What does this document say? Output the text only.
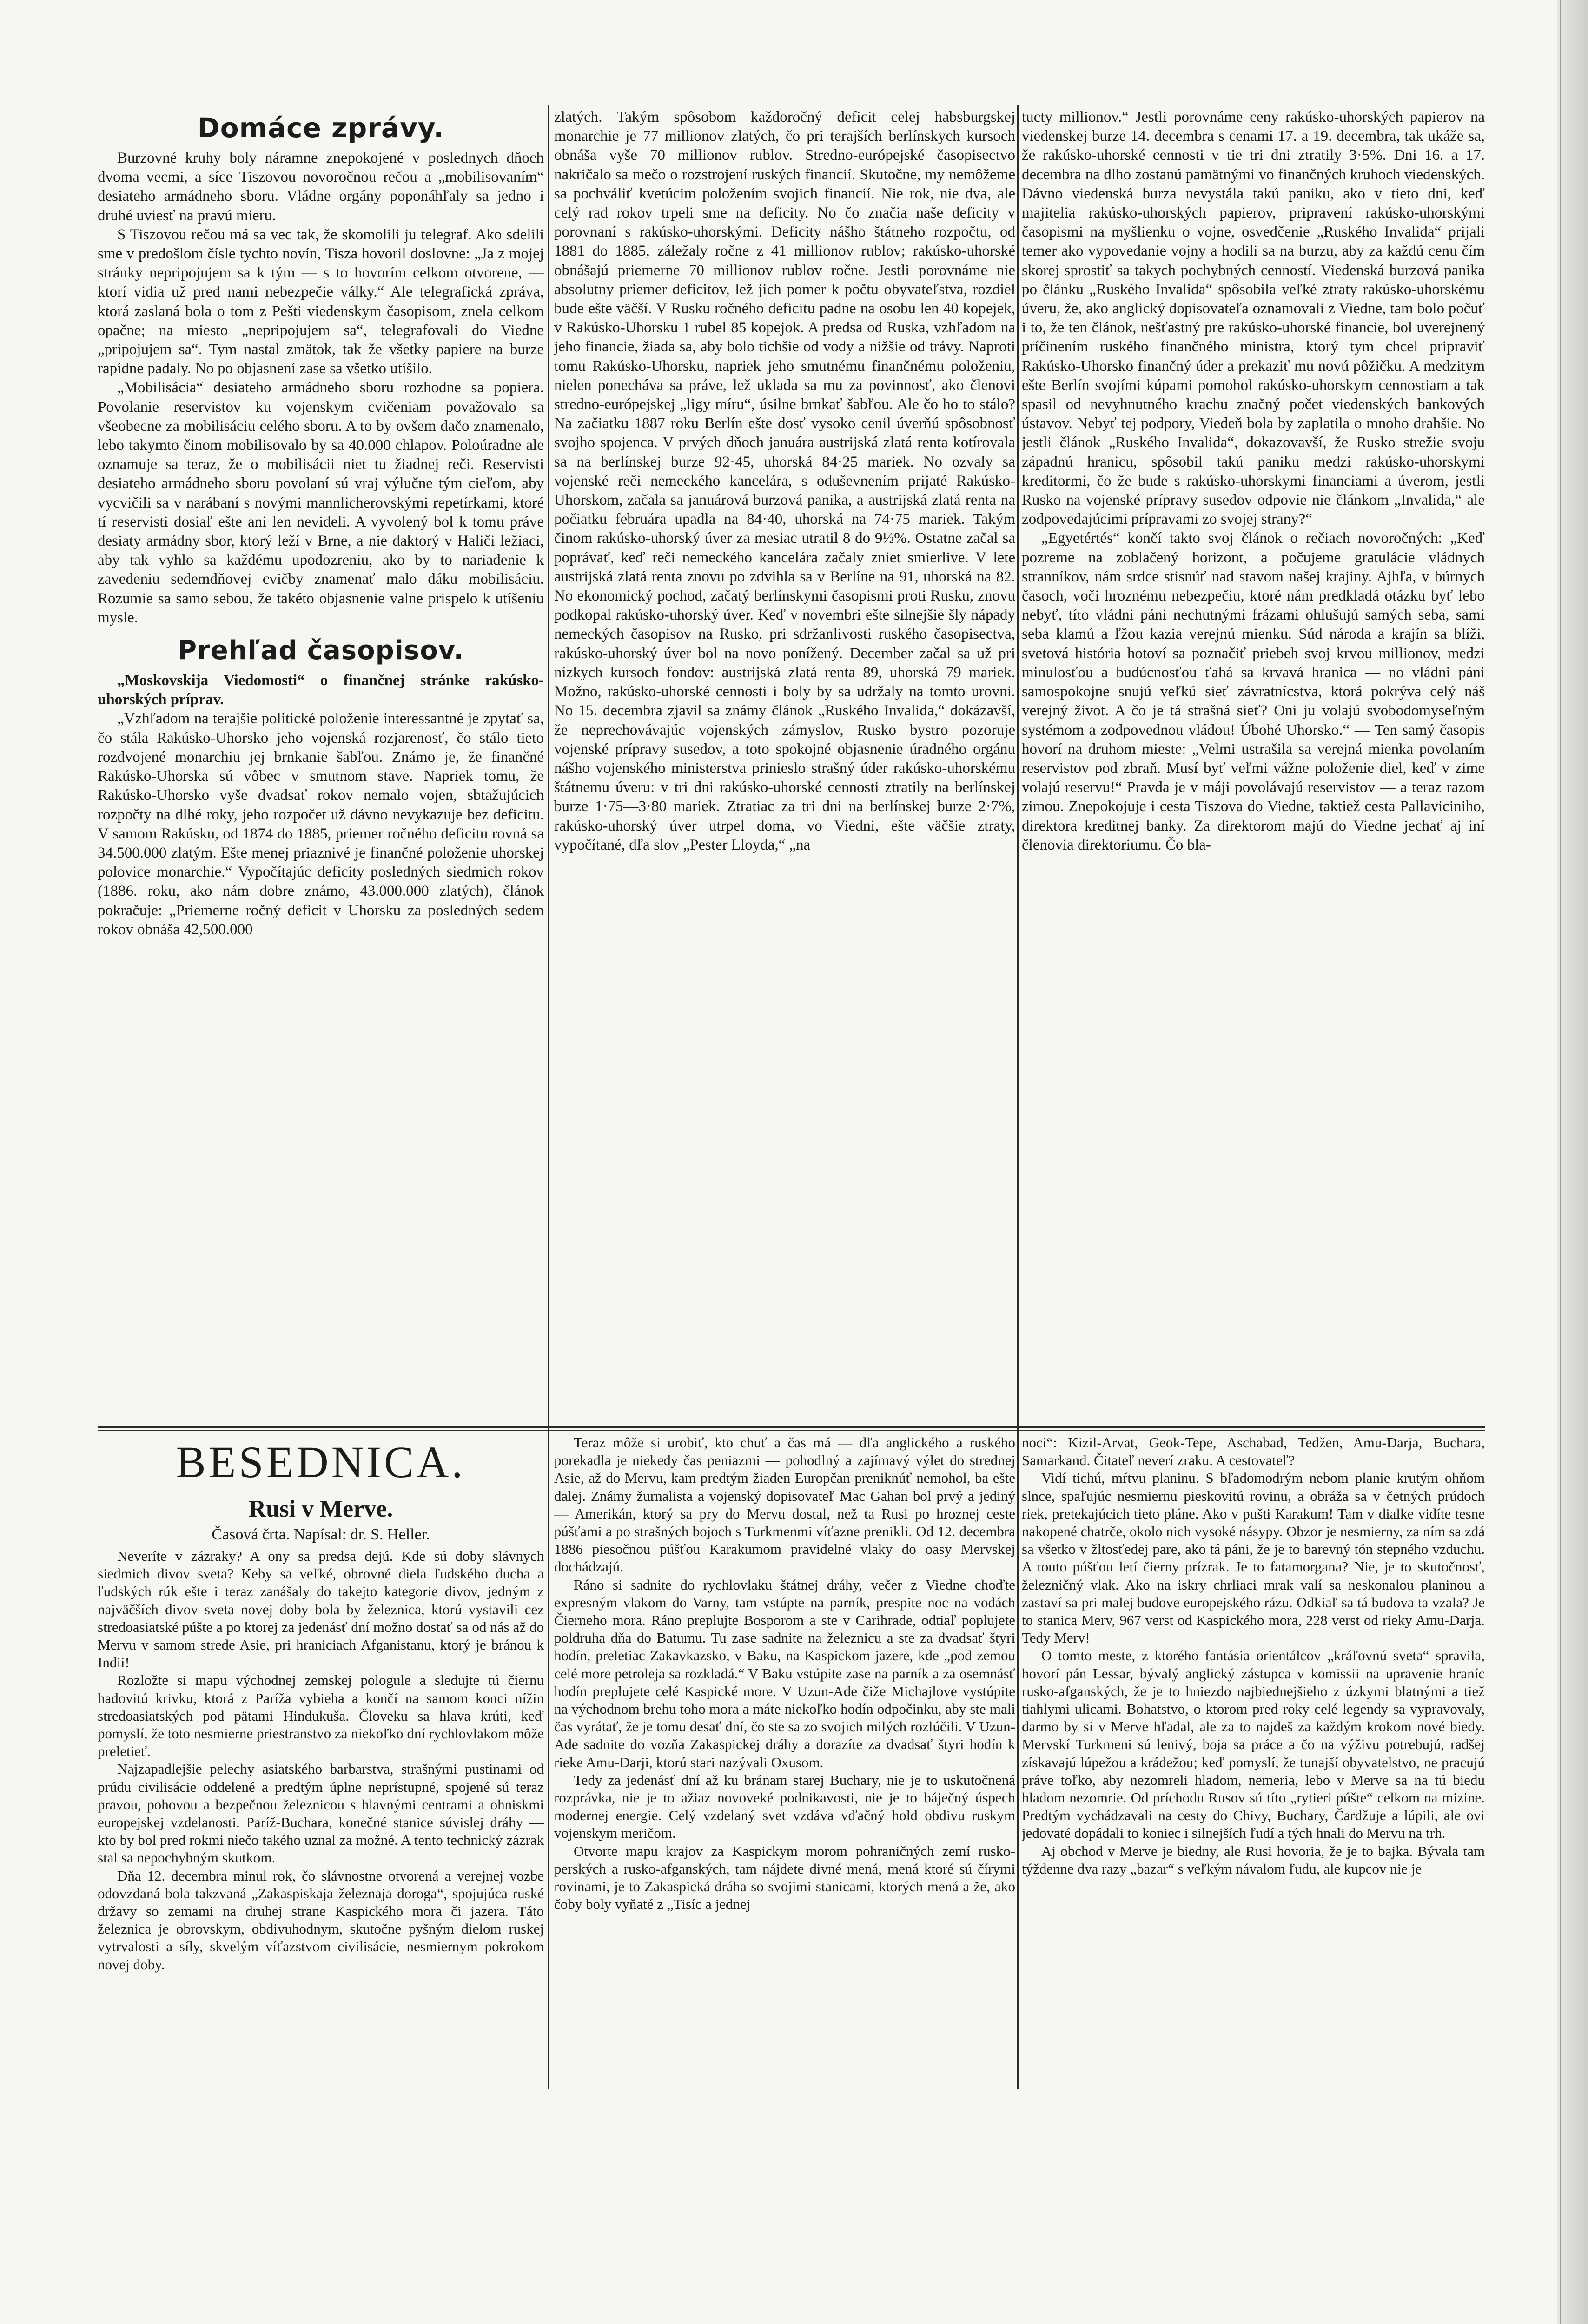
Domáce zprávy.

Burzovné kruhy boly náramne znepokojené v poslednych dňoch dvoma vecmi, a síce Tiszovou novoročnou rečou a „mobilisovaním“ desiateho armádneho sboru. Vládne orgány poponáhľaly sa jedno i druhé uviesť na pravú mieru.

S Tiszovou rečou má sa vec tak, že skomolili ju telegraf. Ako sdelili sme v predošlom čísle tychto novín, Tisza hovoril doslovne: „Ja z mojej stránky nepripojujem sa k tým — s to hovorím celkom otvorene, — ktorí vidia už pred nami nebezpečie války.“ Ale telegrafická zpráva, ktorá zaslaná bola o tom z Pešti viedenskym časopisom, znela celkom opačne; na miesto „nepripojujem sa“, telegrafovali do Viedne „pripojujem sa“. Tym nastal zmätok, tak že všetky papiere na burze rapídne padaly. No po objasnení zase sa všetko utíšilo.

„Mobilisácia“ desiateho armádneho sboru rozhodne sa popiera. Povolanie reservistov ku vojenskym cvičeniam považovalo sa všeobecne za mobilisáciu celého sboru. A to by ovšem dačo znamenalo, lebo takymto činom mobilisovalo by sa 40.000 chlapov. Poloúradne ale oznamuje sa teraz, že o mobilisácii niet tu žiadnej reči. Reservisti desiateho armádneho sboru povolaní sú vraj výlučne tým cieľom, aby vycvičili sa v narábaní s novými mannlicherovskými repetírkami, ktoré tí reservisti dosiaľ ešte ani len nevideli. A vyvolený bol k tomu práve desiaty armádny sbor, ktorý leží v Brne, a nie daktorý v Haliči ležiaci, aby tak vyhlo sa každému upodozreniu, ako by to nariadenie k zavedeniu sedemdňovej cvičby znamenať malo dáku mobilisáciu. Rozumie sa samo sebou, že takéto objasnenie valne prispelo k utíšeniu mysle.

Prehľad časopisov.

„Moskovskija Viedomosti“ o finančnej stránke rakúsko-uhorských príprav.

„Vzhľadom na terajšie politické položenie interessantné je zpytať sa, čo stála Rakúsko-Uhorsko jeho vojenská rozjarenosť, čo stálo tieto rozdvojené monarchiu jej brnkanie šabľou. Známo je, že finančné Rakúsko-Uhorska sú vôbec v smutnom stave. Napriek tomu, že Rakúsko-Uhorsko vyše dvadsať rokov nemalo vojen, sbtažujúcich rozpočty na dlhé roky, jeho rozpočet už dávno nevykazuje bez deficitu. V samom Rakúsku, od 1874 do 1885, priemer ročného deficitu rovná sa 34.500.000 zlatým. Ešte menej priaznivé je finančné položenie uhorskej polovice monarchie.“ Vypočítajúc deficity posledných siedmich rokov (1886. roku, ako nám dobre známo, 43.000.000 zlatých), článok pokračuje: „Priemerne ročný deficit v Uhorsku za posledných sedem rokov obnáša 42,500.000

zlatých. Takým spôsobom každoročný deficit celej habsburgskej monarchie je 77 millionov zlatých, čo pri terajších berlínskych kursoch obnáša vyše 70 millionov rublov. Stredno-európejské časopisectvo nakričalo sa mečo o rozstrojení ruských financií. Skutočne, my nemôžeme sa pochváliť kvetúcim položením svojich financií. Nie rok, nie dva, ale celý rad rokov trpeli sme na deficity. No čo značia naše deficity v porovnaní s rakúsko-uhorskými. Deficity nášho štátneho rozpočtu, od 1881 do 1885, záležaly ročne z 41 millionov rublov; rakúsko-uhorské obnášajú priemerne 70 millionov rublov ročne. Jestli porovnáme nie absolutny priemer deficitov, lež jich pomer k počtu obyvateľstva, rozdiel bude ešte väčší. V Rusku ročného deficitu padne na osobu len 40 kopejek, v Rakúsko-Uhorsku 1 rubel 85 kopejok. A predsa od Ruska, vzhľadom na jeho financie, žiada sa, aby bolo tichšie od vody a nižšie od trávy. Naproti tomu Rakúsko-Uhorsku, napriek jeho smutnému finančnému položeniu, nielen ponecháva sa práve, lež uklada sa mu za povinnosť, ako členovi stredno-európejskej „ligy míru“, úsilne brnkať šabľou. Ale čo ho to stálo? Na začiatku 1887 roku Berlín ešte dosť vysoko cenil úverňú spôsobnosť svojho spojenca. V prvých dňoch januára austrijská zlatá renta kotírovala sa na berlínskej burze 92·45, uhorská 84·25 mariek. No ozvaly sa vojenské reči nemeckého kancelára, s oduševnením prijaté Rakúsko-Uhorskom, začala sa januárová burzová panika, a austrijská zlatá renta na počiatku februára upadla na 84·40, uhorská na 74·75 mariek. Takým činom rakúsko-uhorský úver za mesiac utratil 8 do 9½%. Ostatne začal sa poprávať, keď reči nemeckého kancelára začaly zniet smierlive. V lete austrijská zlatá renta znovu po zdvihla sa v Berlíne na 91, uhorská na 82. No ekonomický pochod, začatý berlínskymi časopismi proti Rusku, znovu podkopal rakúsko-uhorský úver. Keď v novembri ešte silnejšie šly nápady nemeckých časopisov na Rusko, pri sdržanlivosti ruského časopisectva, rakúsko-uhorský úver bol na novo ponížený. December začal sa už pri nízkych kursoch fondov: austrijská zlatá renta 89, uhorská 79 mariek. Možno, rakúsko-uhorské cennosti i boly by sa udržaly na tomto urovni. No 15. decembra zjavil sa známy článok „Ruského Invalida,“ dokázavší, že neprechovávajúc vojenských zámyslov, Rusko bystro pozoruje vojenské prípravy susedov, a toto spokojné objasnenie úradného orgánu nášho vojenského ministerstva prinieslo strašný úder rakúsko-uhorskému štátnemu úveru: v tri dni rakúsko-uhorské cennosti ztratily na berlínskej burze 1·75—3·80 mariek. Ztratiac za tri dni na berlínskej burze 2·7%, rakúsko-uhorský úver utrpel doma, vo Viedni, ešte väčšie ztraty, vypočítané, dľa slov „Pester Lloyda,“ „na

tucty millionov.“ Jestli porovnáme ceny rakúsko-uhorských papierov na viedenskej burze 14. decembra s cenami 17. a 19. decembra, tak ukáže sa, že rakúsko-uhorské cennosti v tie tri dni ztratily 3·5%. Dni 16. a 17. decembra na dlho zostanú pamätnými vo finančných kruhoch viedenských. Dávno viedenská burza nevystála takú paniku, ako v tieto dni, keď majitelia rakúsko-uhorských papierov, pripravení rakúsko-uhorskými časopismi na myšlienku o vojne, osvedčenie „Ruského Invalida“ prijali temer ako vypovedanie vojny a hodili sa na burzu, aby za každú cenu čím skorej sprostiť sa takych pochybných cenností. Viedenská burzová panika po článku „Ruského Invalida“ spôsobila veľké ztraty rakúsko-uhorskému úveru, že, ako anglický dopisovateľa oznamovali z Viedne, tam bolo počuť i to, že ten článok, nešťastný pre rakúsko-uhorské financie, bol uverejnený príčinením ruského finančného ministra, ktorý tym chcel pripraviť Rakúsko-Uhorsko finančný úder a prekaziť mu novú pôžičku. A medzitym ešte Berlín svojími kúpami pomohol rakúsko-uhorskym cennostiam a tak spasil od nevyhnutného krachu značný počet viedenských bankových ústavov. Nebyť tej podpory, Viedeň bola by zaplatila o mnoho drahšie. No jestli článok „Ruského Invalida“, dokazovavší, že Rusko strežie svoju západnú hranicu, spôsobil takú paniku medzi rakúsko-uhorskymi kreditormi, čo že bude s rakúsko-uhorskymi financiami a úverom, jestli Rusko na vojenské prípravy susedov odpovie nie článkom „Invalida,“ ale zodpovedajúcimi prípravami zo svojej strany?“

„Egyetértés“ končí takto svoj článok o rečiach novoročných: „Keď pozreme na zoblačený horizont, a počujeme gratulácie vládnych stranníkov, nám srdce stisnúť nad stavom našej krajiny. Ajhľa, v búrnych časoch, voči hroznému nebezpečiu, ktoré nám predkladá otázku byť lebo nebyť, títo vládni páni nechutnými frázami ohlušujú samých seba, sami seba klamú a ľžou kazia verejnú mienku. Súd národa a krajín sa blíži, svetová história hotoví sa poznačiť priebeh svoj krvou millionov, medzi minulosťou a budúcnosťou ťahá sa krvavá hranica — no vládni páni samospokojne snujú veľkú sieť závratnícstva, ktorá pokrýva celý náš verejný život. A čo je tá strašná sieť? Oni ju volajú svobodomyseľným systémom a zodpovednou vládou! Úbohé Uhorsko.“ — Ten samý časopis hovorí na druhom mieste: „Velmi ustrašila sa verejná mienka povolaním reservistov pod zbraň. Musí byť veľmi vážne položenie diel, keď v zime volajú reservu!“ Pravda je v máji povolávajú reservistov — a teraz razom zimou. Znepokojuje i cesta Tiszova do Viedne, taktiež cesta Pallaviciniho, direktora kreditnej banky. Za direktorom majú do Viedne jechať aj iní členovia direktoriumu. Čo bla-

BESEDNICA.
Rusi v Merve.
Časová črta. Napísal: dr. S. Heller.

Neveríte v zázraky? A ony sa predsa dejú. Kde sú doby slávnych siedmich divov sveta? Keby sa veľké, obrovné diela ľudského ducha a ľudských rúk ešte i teraz zanášaly do takejto kategorie divov, jedným z najväčších divov sveta novej doby bola by železnica, ktorú vystavili cez stredoasiatské púšte a po ktorej za jedenásť dní možno dostať sa od nás až do Mervu v samom strede Asie, pri hraniciach Afganistanu, ktorý je bránou k Indii!

Rozložte si mapu východnej zemskej pologule a sledujte tú čiernu hadovitú krivku, ktorá z Paríža vybieha a končí na samom konci nížin stredoasiatských pod pätami Hindukuša. Človeku sa hlava krúti, keď pomyslí, že toto nesmierne priestranstvo za niekoľko dní rychlovlakom môže preletieť.

Najzapadlejšie pelechy asiatského barbarstva, strašnými pustinami od prúdu civilisácie oddelené a predtým úplne neprístupné, spojené sú teraz pravou, pohovou a bezpečnou železnicou s hlavnými centrami a ohniskmi europejskej vzdelanosti. Paríž-Buchara, konečné stanice súvislej dráhy — kto by bol pred rokmi niečo takého uznal za možné. A tento technický zázrak stal sa nepochybným skutkom.

Dňa 12. decembra minul rok, čo slávnostne otvorená a verejnej vozbe odovzdaná bola takzvaná „Zakaspiskaja železnaja doroga“, spojujúca ruské državy so zemami na druhej strane Kaspického mora či jazera. Táto železnica je obrovskym, obdivuhodnym, skutočne pyšným dielom ruskej vytrvalosti a síly, skvelým víťazstvom civilisácie, nesmiernym pokrokom novej doby.

Teraz môže si urobiť, kto chuť a čas má — dľa anglického a ruského porekadla je niekedy čas peniazmi — pohodlný a zajímavý výlet do strednej Asie, až do Mervu, kam predtým žiaden Europčan preniknúť nemohol, ba ešte dalej. Známy žurnalista a vojenský dopisovateľ Mac Gahan bol prvý a jediný — Amerikán, ktorý sa pry do Mervu dostal, než ta Rusi po hroznej ceste púšťami a po strašných bojoch s Turkmenmi víťazne prenikli. Od 12. decembra 1886 piesočnou púšťou Karakumom pravidelné vlaky do oasy Mervskej dochádzajú.

Ráno si sadnite do rychlovlaku štátnej dráhy, večer z Viedne choďte expresným vlakom do Varny, tam vstúpte na parník, prespite noc na vodách Čierneho mora. Ráno preplujte Bosporom a ste v Carihrade, odtiaľ poplujete poldruha dňa do Batumu. Tu zase sadnite na železnicu a ste za dvadsať štyri hodín, preletiac Zakavkazsko, v Baku, na Kaspickom jazere, kde „pod zemou celé more petroleja sa rozkladá.“ V Baku vstúpite zase na parník a za osemnásť hodín preplujete celé Kaspické more. V Uzun-Ade čiže Michajlove vystúpite na východnom brehu toho mora a máte niekoľko hodín odpočinku, aby ste mali čas vyrátať, že je tomu desať dní, čo ste sa zo svojich milých rozlúčili. V Uzun-Ade sadnite do vozňa Zakaspickej dráhy a dorazíte za dvadsať štyri hodín k rieke Amu-Darji, ktorú stari nazývali Oxusom.

Tedy za jedenásť dní až ku bránam starej Buchary, nie je to uskutočnená rozprávka, nie je to ažiaz novoveké podnikavosti, nie je to báječný úspech modernej energie. Celý vzdelaný svet vzdáva vďačný hold obdivu ruskym vojenskym meričom.

Otvorte mapu krajov za Kaspickym morom pohraničných zemí rusko-perských a rusko-afganských, tam nájdete divné mená, mená ktoré sú čírymi rovinami, je to Zakaspická dráha so svojimi stanicami, ktorých mená a že, ako čoby boly vyňaté z „Tisíc a jednej

noci“: Kizil-Arvat, Geok-Tepe, Aschabad, Tedžen, Amu-Darja, Buchara, Samarkand. Čitateľ neverí zraku. A cestovateľ?

Vidí tichú, mŕtvu planinu. S bľadomodrým nebom planie krutým ohňom slnce, spaľujúc nesmiernu pieskovitú rovinu, a obráža sa v četných prúdoch riek, pretekajúcich tieto pláne. Ako v pušti Karakum! Tam v dialke vidíte tesne nakopené chatrče, okolo nich vysoké násypy. Obzor je nesmierny, za ním sa zdá sa všetko v žltosťedej pare, ako tá páni, že je to barevný tón stepného vzduchu. A touto púšťou letí čierny prízrak. Je to fatamorgana? Nie, je to skutočnosť, železničný vlak. Ako na iskry chrliaci mrak valí sa neskonalou planinou a zastaví sa pri malej budove europejského rázu. Odkiaľ sa tá budova ta vzala? Je to stanica Merv, 967 verst od Kaspického mora, 228 verst od rieky Amu-Darja. Tedy Merv!

O tomto meste, z ktorého fantásia orientálcov „kráľovnú sveta“ spravila, hovorí pán Lessar, bývalý anglický zástupca v komissii na upravenie hraníc rusko-afganských, že je to hniezdo najbiednejšieho z úzkymi blatnými a tiež tiahlymi ulicami. Bohatstvo, o ktorom pred roky celé legendy sa vypravovaly, darmo by si v Merve hľadal, ale za to najdeš za každým krokom nové biedy. Mervskí Turkmeni sú lenivý, boja sa práce a čo na výživu potrebujú, radšej získavajú lúpežou a krádežou; keď pomyslí, že tunajší obyvatelstvo, ne pracujú práve toľko, aby nezomreli hladom, nemeria, lebo v Merve sa na tú biedu hladom nezomrie. Od príchodu Rusov sú títo „rytieri púšte“ celkom na mizine. Predtým vychádzavali na cesty do Chivy, Buchary, Čardžuje a lúpili, ale ovi jedovaté dopádali to koniec i silnejších ľudí a tých hnali do Mervu na trh.

Aj obchod v Merve je biedny, ale Rusi hovoria, že je to bajka. Bývala tam týždenne dva razy „bazar“ s veľkým návalom ľudu, ale kupcov nie je
